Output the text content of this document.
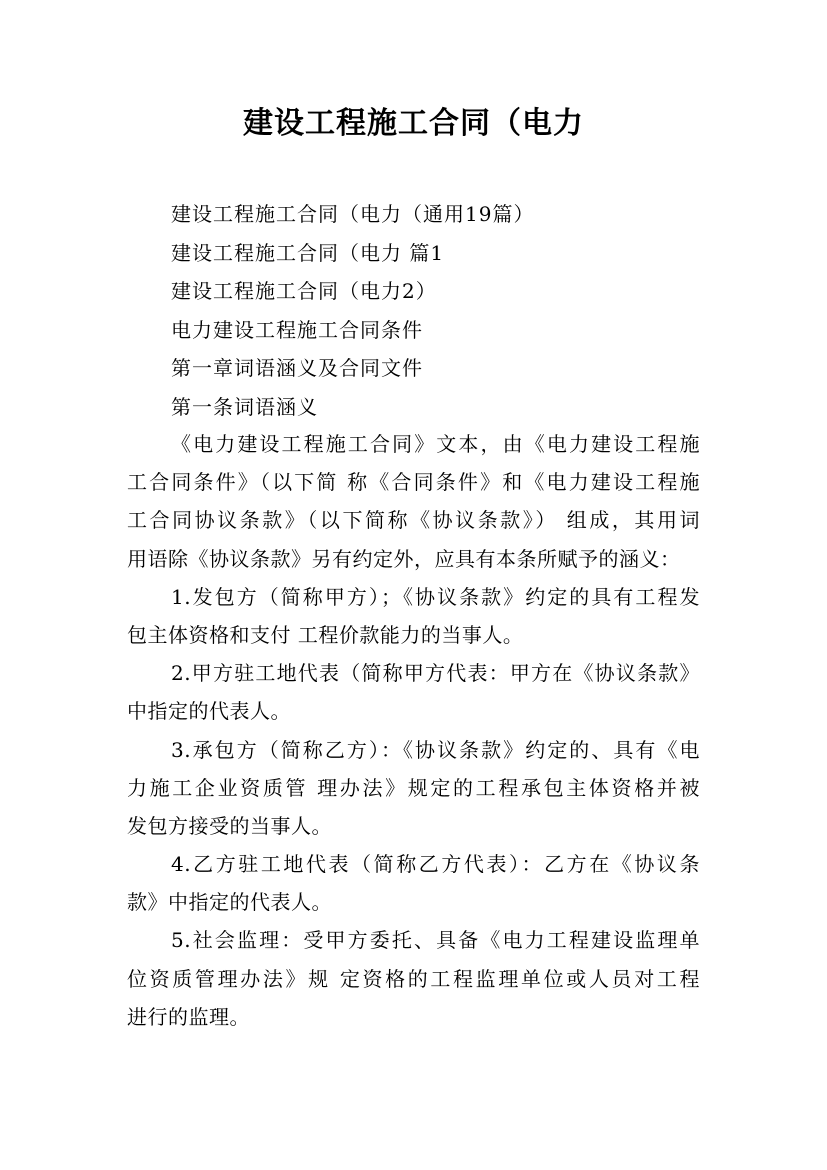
建设工程施工合同（电力
建设工程施工合同（电力（通用19篇）
建设工程施工合同（电力 篇1
建设工程施工合同（电力2）
电力建设工程施工合同条件
第一章词语涵义及合同文件
第一条词语涵义
《电力建设工程施工合同》文本，由《电力建设工程施
工合同条件》（以下简 称《合同条件》和《电力建设工程施
工合同协议条款》（以下简称《协议条款》） 组成，其用词
用语除《协议条款》另有约定外，应具有本条所赋予的涵义：
1.发包方（简称甲方）；《协议条款》约定的具有工程发
包主体资格和支付 工程价款能力的当事人。
2.甲方驻工地代表（简称甲方代表：甲方在《协议条款》
中指定的代表人。
3.承包方（简称乙方）：《协议条款》约定的、具有《电
力施工企业资质管 理办法》规定的工程承包主体资格并被
发包方接受的当事人。
4.乙方驻工地代表（简称乙方代表）：乙方在《协议条
款》中指定的代表人。
5.社会监理：受甲方委托、具备《电力工程建设监理单
位资质管理办法》规 定资格的工程监理单位或人员对工程
进行的监理。
